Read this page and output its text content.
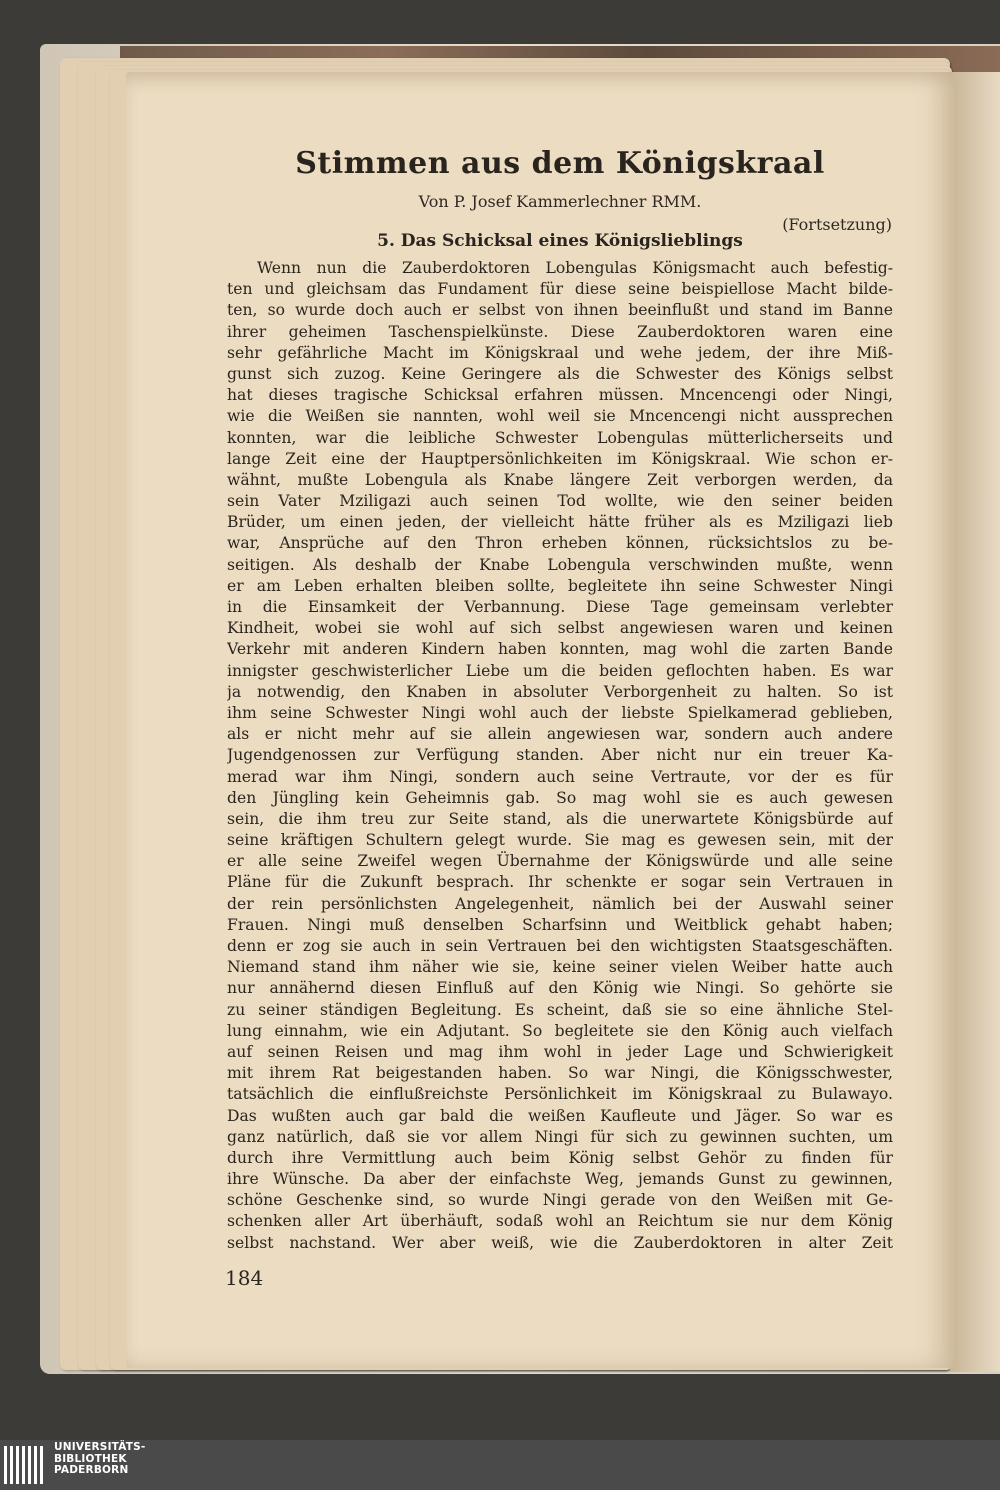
Stimmen aus dem Königskraal
Von P. Josef Kammerlechner RMM.
(Fortsetzung)
5. Das Schicksal eines Königslieblings
Wenn nun die Zauberdoktoren Lobengulas Königsmacht auch befestig-
ten und gleichsam das Fundament für diese seine beispiellose Macht bilde-
ten, so wurde doch auch er selbst von ihnen beeinflußt und stand im Banne
ihrer geheimen Taschenspielkünste. Diese Zauberdoktoren waren eine
sehr gefährliche Macht im Königskraal und wehe jedem, der ihre Miß-
gunst sich zuzog. Keine Geringere als die Schwester des Königs selbst
hat dieses tragische Schicksal erfahren müssen. Mncencengi oder Ningi,
wie die Weißen sie nannten, wohl weil sie Mncencengi nicht aussprechen
konnten, war die leibliche Schwester Lobengulas mütterlicherseits und
lange Zeit eine der Hauptpersönlichkeiten im Königskraal. Wie schon er-
wähnt, mußte Lobengula als Knabe längere Zeit verborgen werden, da
sein Vater Mziligazi auch seinen Tod wollte, wie den seiner beiden
Brüder, um einen jeden, der vielleicht hätte früher als es Mziligazi lieb
war, Ansprüche auf den Thron erheben können, rücksichtslos zu be-
seitigen. Als deshalb der Knabe Lobengula verschwinden mußte, wenn
er am Leben erhalten bleiben sollte, begleitete ihn seine Schwester Ningi
in die Einsamkeit der Verbannung. Diese Tage gemeinsam verlebter
Kindheit, wobei sie wohl auf sich selbst angewiesen waren und keinen
Verkehr mit anderen Kindern haben konnten, mag wohl die zarten Bande
innigster geschwisterlicher Liebe um die beiden geflochten haben. Es war
ja notwendig, den Knaben in absoluter Verborgenheit zu halten. So ist
ihm seine Schwester Ningi wohl auch der liebste Spielkamerad geblieben,
als er nicht mehr auf sie allein angewiesen war, sondern auch andere
Jugendgenossen zur Verfügung standen. Aber nicht nur ein treuer Ka-
merad war ihm Ningi, sondern auch seine Vertraute, vor der es für
den Jüngling kein Geheimnis gab. So mag wohl sie es auch gewesen
sein, die ihm treu zur Seite stand, als die unerwartete Königsbürde auf
seine kräftigen Schultern gelegt wurde. Sie mag es gewesen sein, mit der
er alle seine Zweifel wegen Übernahme der Königswürde und alle seine
Pläne für die Zukunft besprach. Ihr schenkte er sogar sein Vertrauen in
der rein persönlichsten Angelegenheit, nämlich bei der Auswahl seiner
Frauen. Ningi muß denselben Scharfsinn und Weitblick gehabt haben;
denn er zog sie auch in sein Vertrauen bei den wichtigsten Staatsgeschäften.
Niemand stand ihm näher wie sie, keine seiner vielen Weiber hatte auch
nur annähernd diesen Einfluß auf den König wie Ningi. So gehörte sie
zu seiner ständigen Begleitung. Es scheint, daß sie so eine ähnliche Stel-
lung einnahm, wie ein Adjutant. So begleitete sie den König auch vielfach
auf seinen Reisen und mag ihm wohl in jeder Lage und Schwierigkeit
mit ihrem Rat beigestanden haben. So war Ningi, die Königsschwester,
tatsächlich die einflußreichste Persönlichkeit im Königskraal zu Bulawayo.
Das wußten auch gar bald die weißen Kaufleute und Jäger. So war es
ganz natürlich, daß sie vor allem Ningi für sich zu gewinnen suchten, um
durch ihre Vermittlung auch beim König selbst Gehör zu finden für
ihre Wünsche. Da aber der einfachste Weg, jemands Gunst zu gewinnen,
schöne Geschenke sind, so wurde Ningi gerade von den Weißen mit Ge-
schenken aller Art überhäuft, sodaß wohl an Reichtum sie nur dem König
selbst nachstand. Wer aber weiß, wie die Zauberdoktoren in alter Zeit
184
UNIVERSITÄTS-
BIBLIOTHEK
PADERBORN
